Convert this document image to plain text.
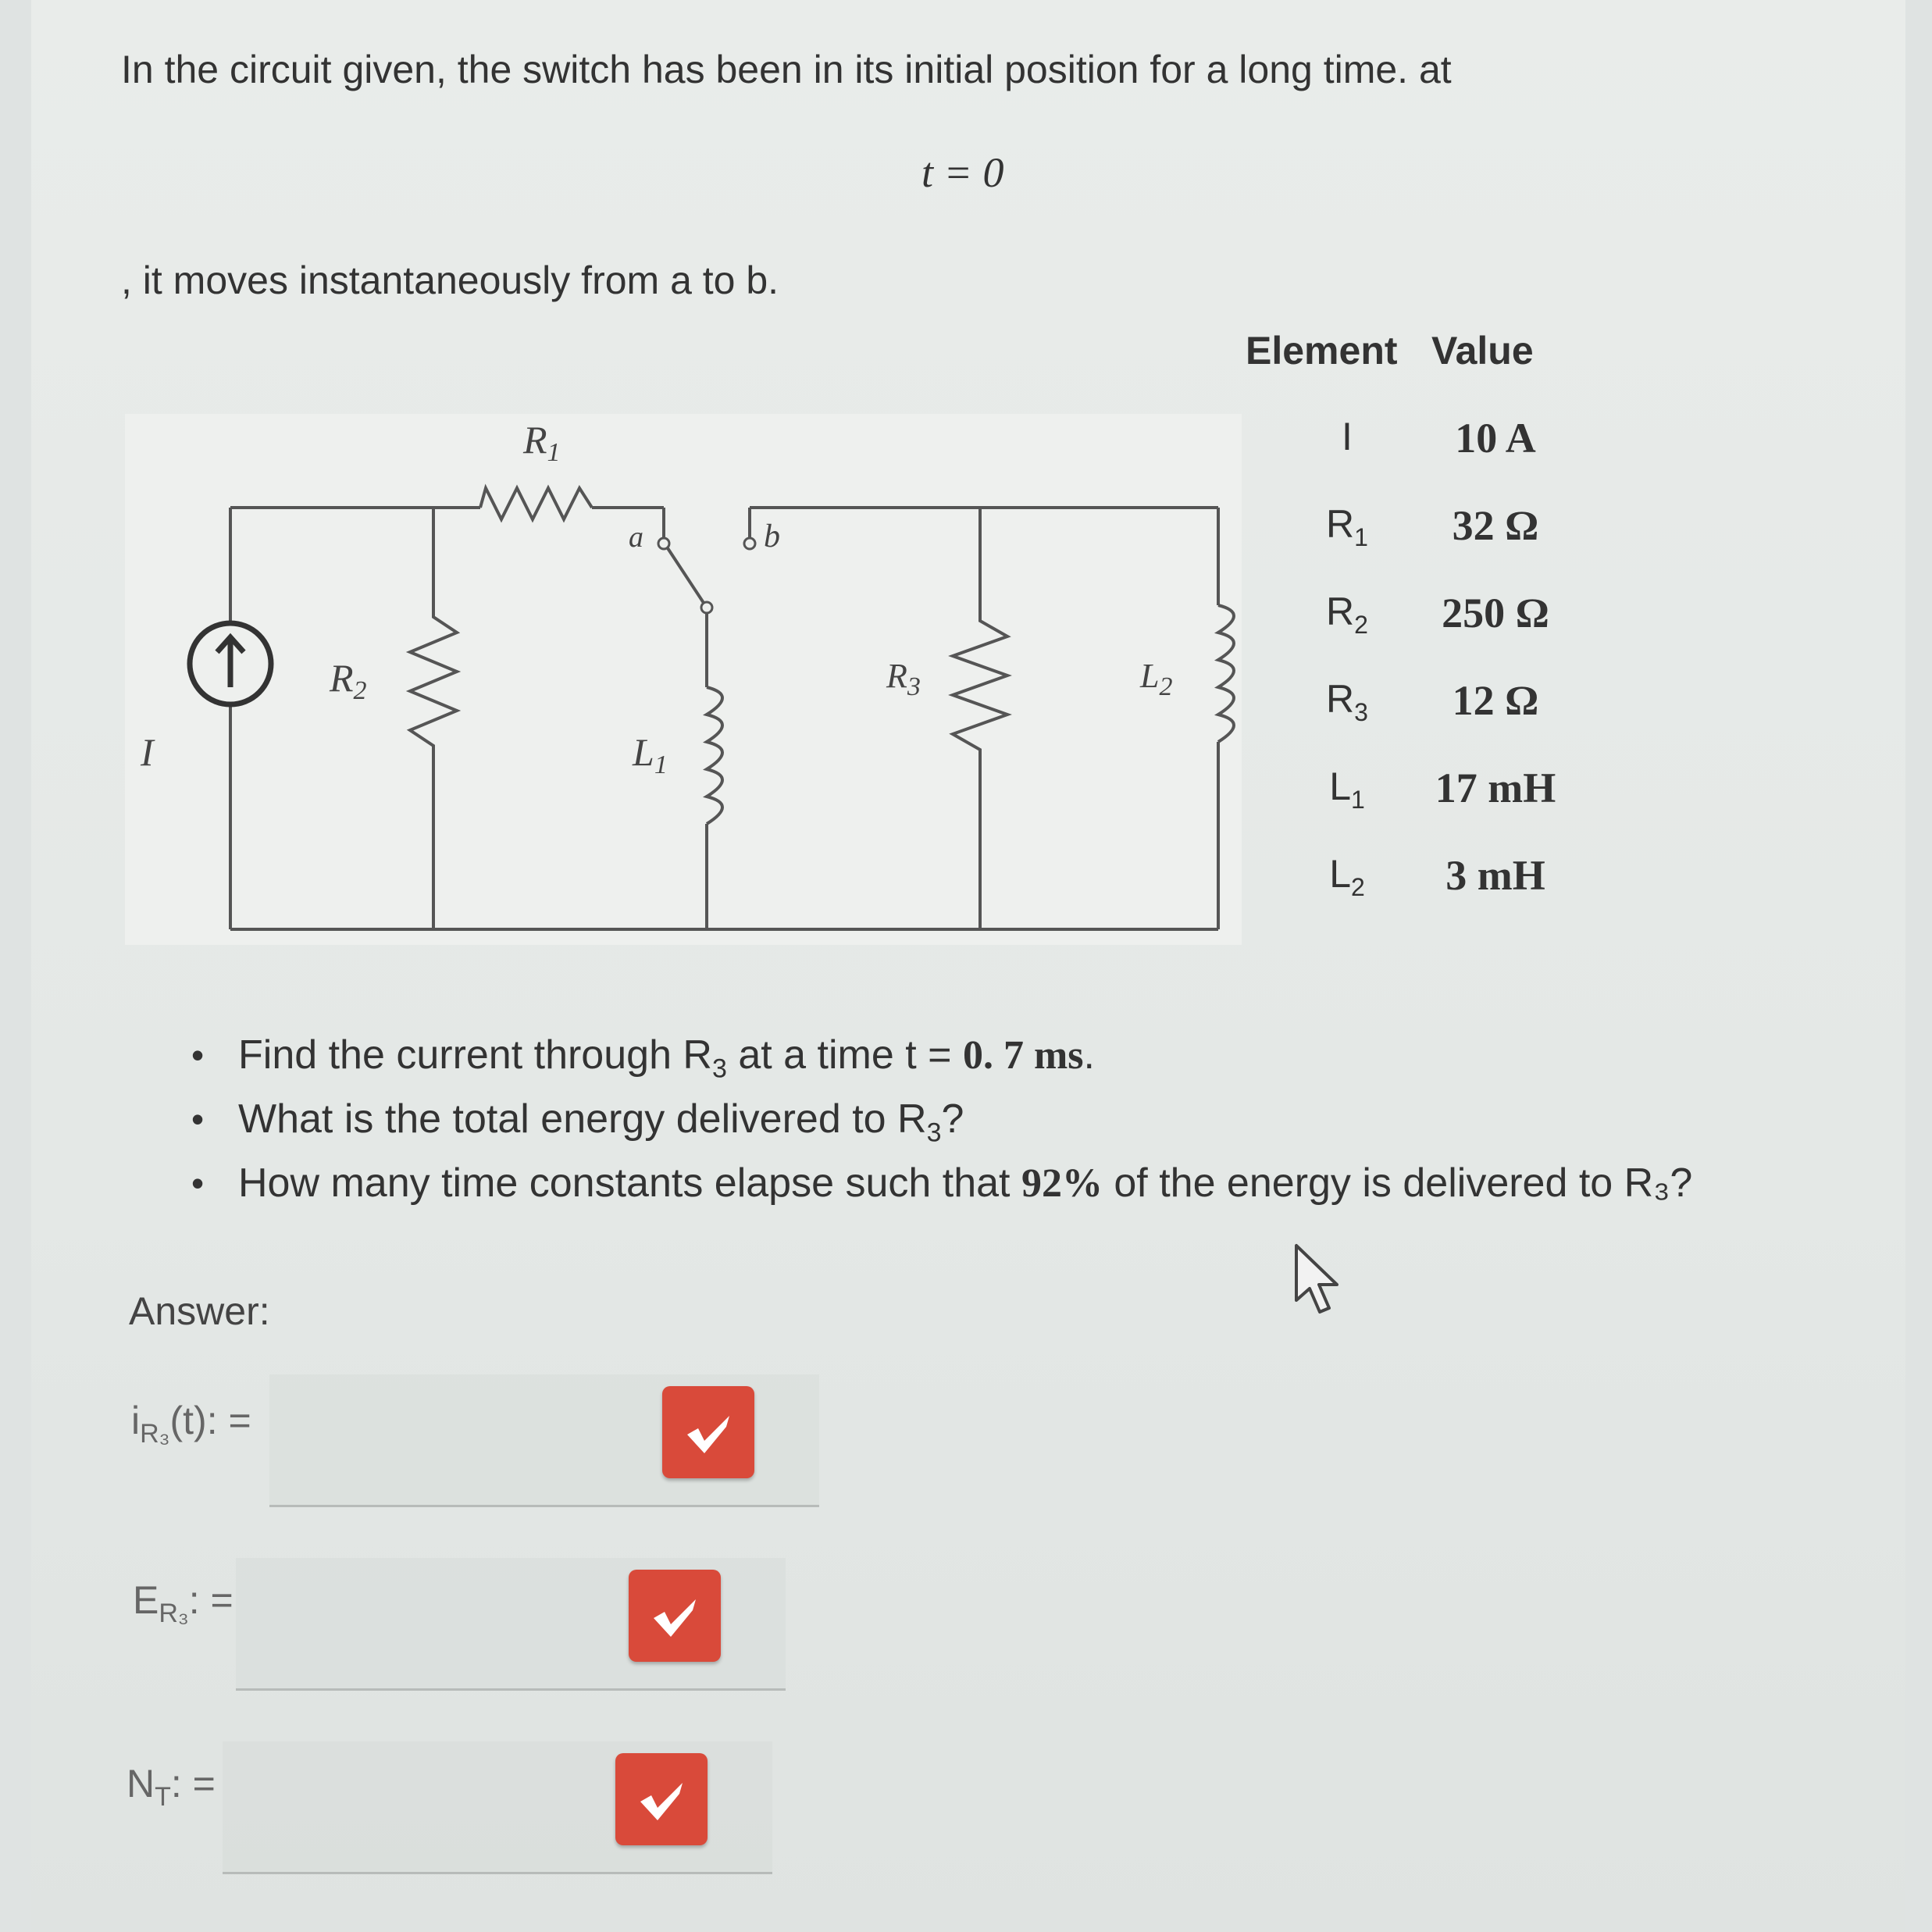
In the circuit given, the switch has been in its initial position for a long time. at
t = 0
, it moves instantaneously from a to b.
I
$R_2$
$R_1$
a	b
$L_1$
$R_3$	$L_2$
Element Value
I	10 A
$R_1$	32 Ω
$R_2$	250 Ω
$R_3$	12 Ω
$L_1$	17 mH
$L_2$	3 mH
• Find the current through $R_3$ at a time t = 0. 7 ms.
• What is the total energy delivered to $R_3$?
• How many time constants elapse such that 92% of the energy is delivered to R₃?
Answer:
$i_{R_3}(t)$: =
$E_{R_3}$: =
$N_T$: =
